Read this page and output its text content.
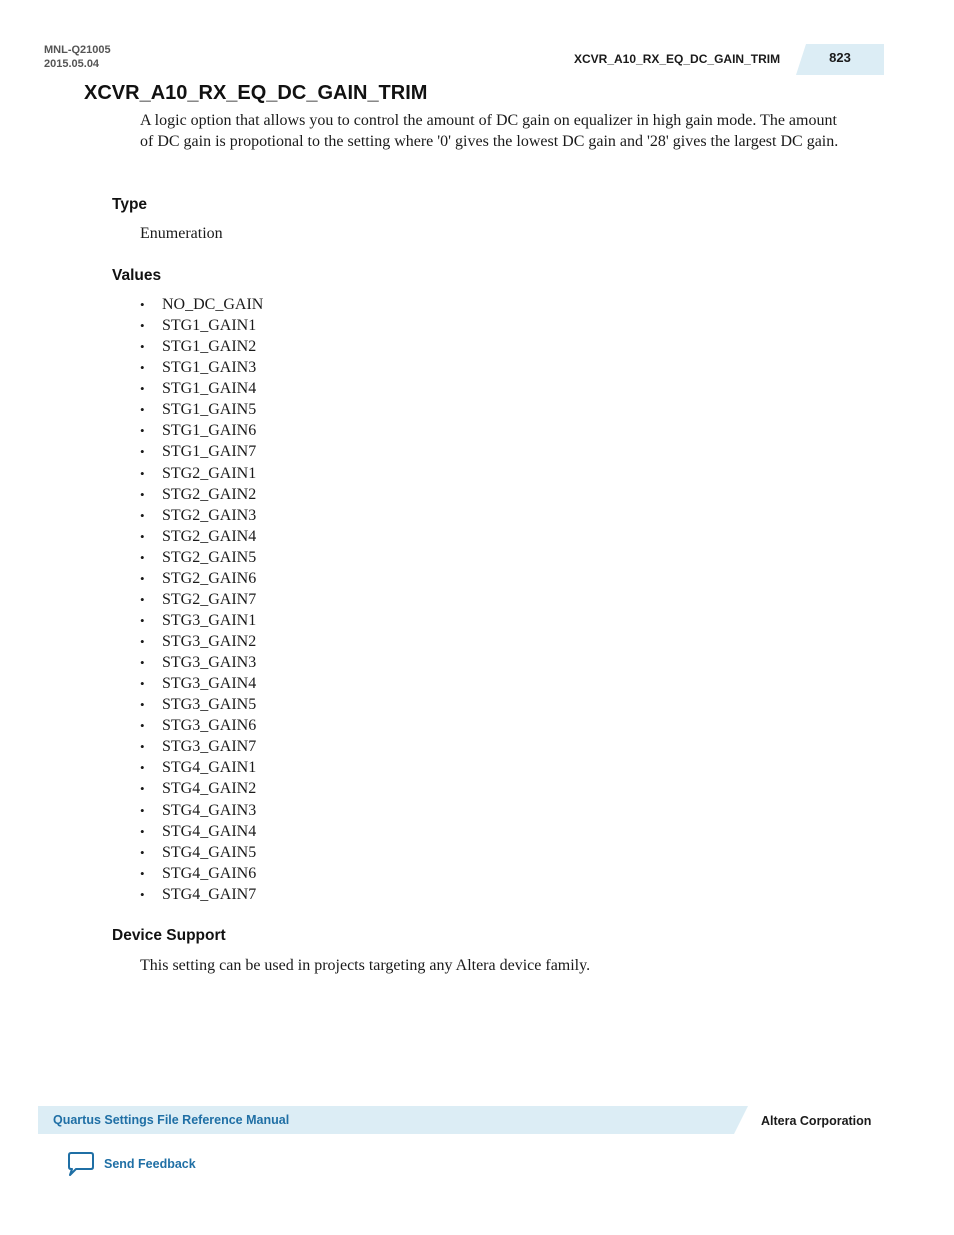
MNL-Q21005
2015.05.04	XCVR_A10_RX_EQ_DC_GAIN_TRIM	823
XCVR_A10_RX_EQ_DC_GAIN_TRIM

A logic option that allows you to control the amount of DC gain on equalizer in high gain mode. The amount of DC gain is propotional to the setting where '0' gives the lowest DC gain and '28' gives the largest DC gain.

Type

Enumeration

Values
• NO_DC_GAIN
• STG1_GAIN1
• STG1_GAIN2
• STG1_GAIN3
• STG1_GAIN4
• STG1_GAIN5
• STG1_GAIN6
• STG1_GAIN7
• STG2_GAIN1
• STG2_GAIN2
• STG2_GAIN3
• STG2_GAIN4
• STG2_GAIN5
• STG2_GAIN6
• STG2_GAIN7
• STG3_GAIN1
• STG3_GAIN2
• STG3_GAIN3
• STG3_GAIN4
• STG3_GAIN5
• STG3_GAIN6
• STG3_GAIN7
• STG4_GAIN1
• STG4_GAIN2
• STG4_GAIN3
• STG4_GAIN4
• STG4_GAIN5
• STG4_GAIN6
• STG4_GAIN7
Device Support

This setting can be used in projects targeting any Altera device family.

Quartus Settings File Reference Manual	Altera Corporation
Send Feedback
